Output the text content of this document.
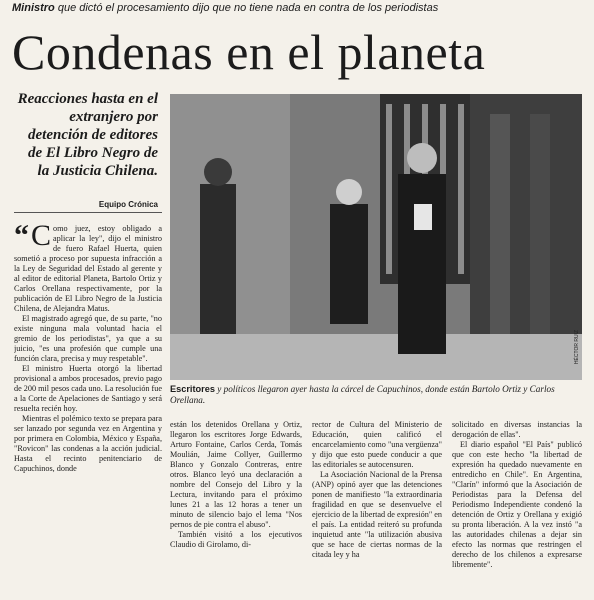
Ministro que dictó el procesamiento dijo que no tiene nada en contra de los periodistas
Condenas en el planeta
Reacciones hasta en el extranjero por detención de editores de El Libro Negro de la Justicia Chilena.
Equipo Crónica

“ C omo juez, estoy obligado a aplicar la ley", dijo el ministro de fuero Rafael Huerta, quien sometió a proceso por supuesta infracción a la Ley de Seguridad del Estado al gerente y al editor de editorial Planeta, Bartolo Ortiz y Carlos Orellana respectivamente, por la publicación de El Libro Negro de la Justicia Chilena, de Alejandra Matus.

El magistrado agregó que, de su parte, "no existe ninguna mala voluntad hacia el gremio de los periodistas", ya que a su juicio, "es una profesión que cumple una función clara, precisa y muy respetable".

El ministro Huerta otorgó la libertad provisional a ambos procesados, previo pago de 200 mil pesos cada uno. La resolución fue a la Corte de Apelaciones de Santiago y será resuelta recién hoy.

Mientras el polémico texto se prepara para ser lanzado por segunda vez en Argentina y por primera en Colombia, México y España, "Rovicon" las condenas a la acción judicial. Hasta el recinto penitenciario de Capuchinos, donde

HÉCTOR RUIZ
Escritores y políticos llegaron ayer hasta la cárcel de Capuchinos, donde están Bartolo Ortiz y Carlos Orellana.

están los detenidos Orellana y Ortiz, llegaron los escritores Jorge Edwards, Arturo Fontaine, Carlos Cerda, Tomás Moulián, Jaime Collyer, Guillermo Blanco y Gonzalo Contreras, entre otros. Blanco leyó una declaración a nombre del Consejo del Libro y la Lectura, invitando para el próximo lunes 21 a las 12 horas a tener un minuto de silencio bajo el lema "Nos pernos de pie contra el abuso".

También visitó a los ejecutivos Claudio di Girolamo, di-

rector de Cultura del Ministerio de Educación, quien calificó el encarcelamiento como "una vergüenza" y dijo que esto puede conducir a que las editoriales se autocensuren.

La Asociación Nacional de la Prensa (ANP) opinó ayer que las detenciones ponen de manifiesto "la extraordinaria fragilidad en que se desenvuelve el ejercicio de la libertad de expresión" en el país. La entidad reiteró su profunda inquietud ante "la utilización abusiva que se hace de ciertas normas de la citada ley y ha

solicitado en diversas instancias la derogación de ellas".

El diario español "El País" publicó que con este hecho "la libertad de expresión ha quedado nuevamente en entredicho en Chile". En Argentina, "Clarín" informó que la Asociación de Periodistas para la Defensa del Periodismo Independiente condenó la detención de Ortiz y Orellana y exigió su pronta liberación. A la vez instó "a las autoridades chilenas a dejar sin efecto las normas que restringen el derecho de los chilenos a expresarse libremente".
